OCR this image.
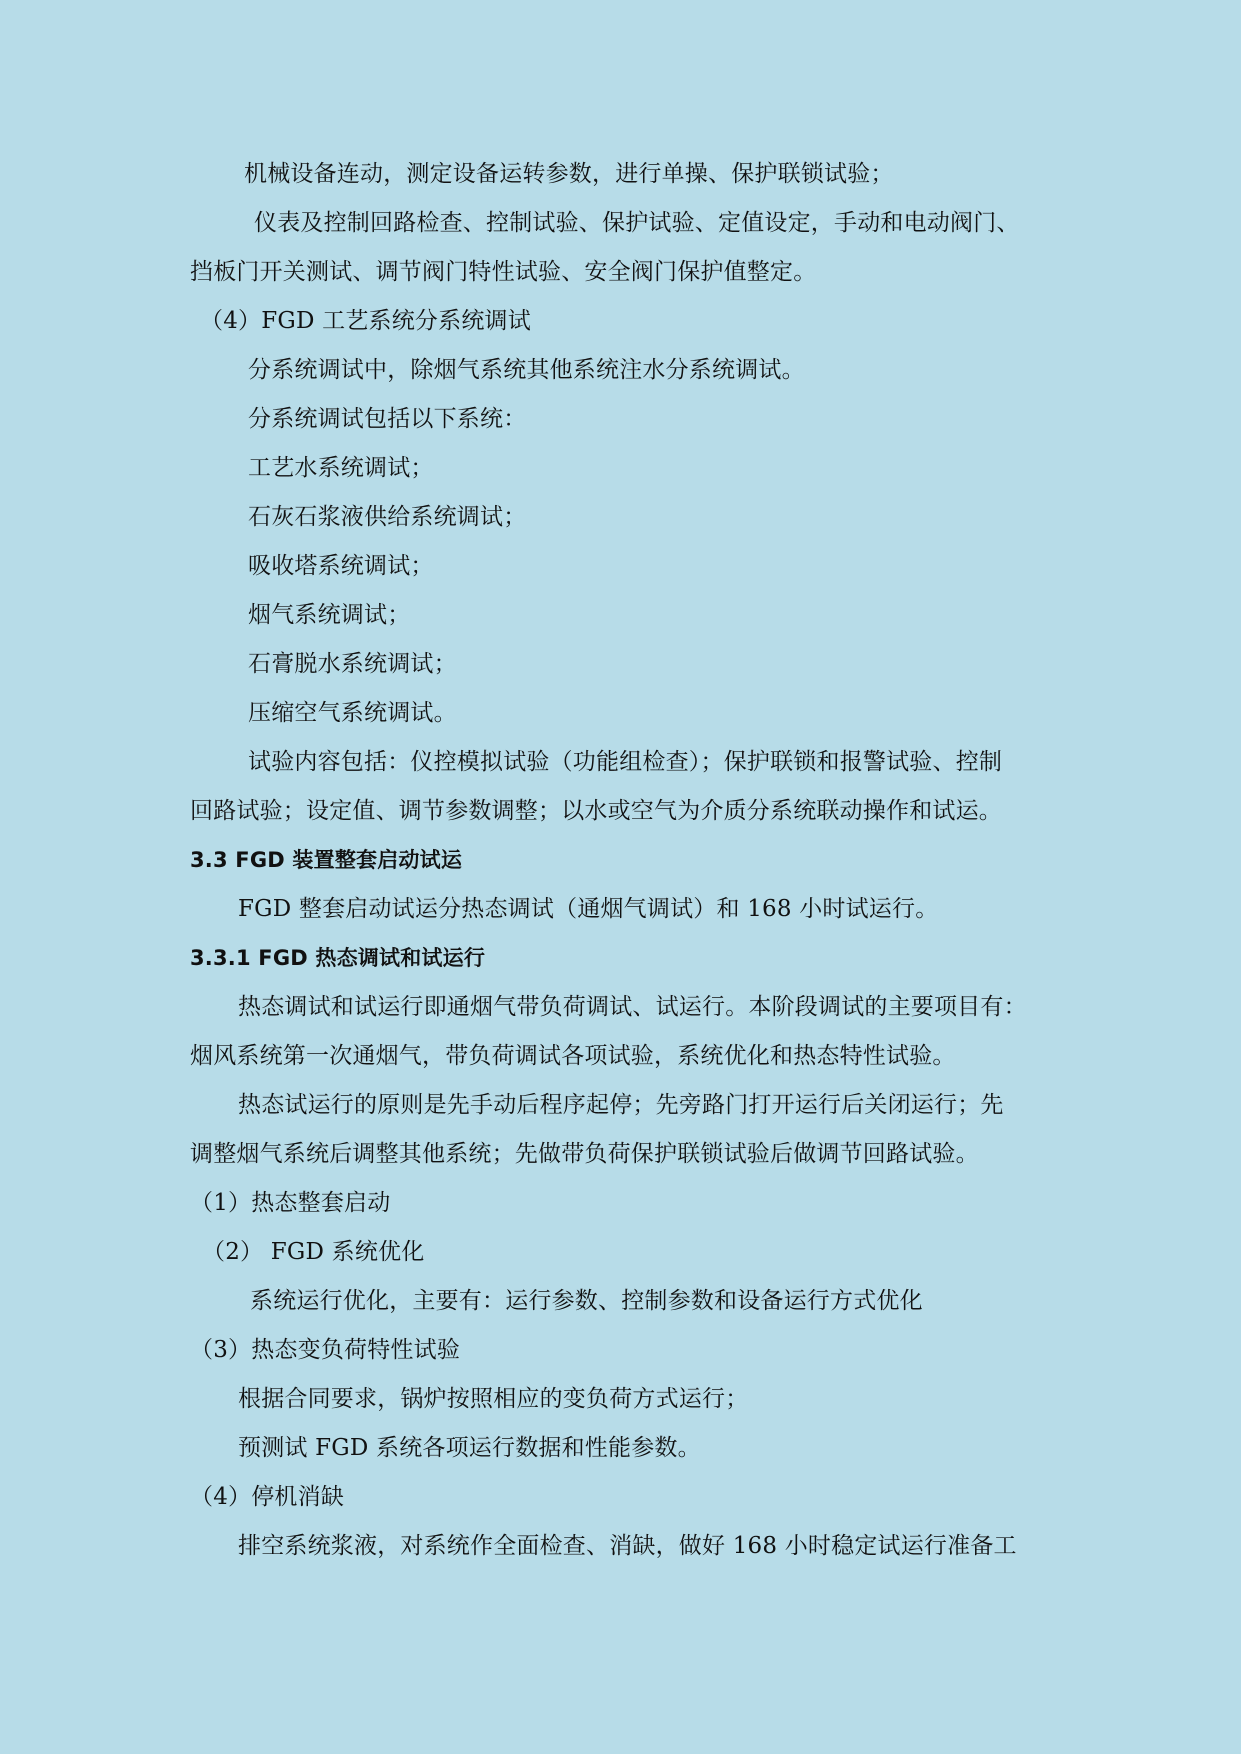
机械设备连动，测定设备运转参数，进行单操、保护联锁试验；
仪表及控制回路检查、控制试验、保护试验、定值设定，手动和电动阀门、
挡板门开关测试、调节阀门特性试验、安全阀门保护值整定。
（4）FGD 工艺系统分系统调试
分系统调试中，除烟气系统其他系统注水分系统调试。
分系统调试包括以下系统：
工艺水系统调试；
石灰石浆液供给系统调试；
吸收塔系统调试；
烟气系统调试；
石膏脱水系统调试；
压缩空气系统调试。
试验内容包括：仪控模拟试验（功能组检查）；保护联锁和报警试验、控制
回路试验；设定值、调节参数调整；以水或空气为介质分系统联动操作和试运。
3.3 FGD 装置整套启动试运
FGD 整套启动试运分热态调试（通烟气调试）和 168 小时试运行。
3.3.1 FGD 热态调试和试运行
热态调试和试运行即通烟气带负荷调试、试运行。本阶段调试的主要项目有：
烟风系统第一次通烟气，带负荷调试各项试验，系统优化和热态特性试验。
热态试运行的原则是先手动后程序起停；先旁路门打开运行后关闭运行；先
调整烟气系统后调整其他系统；先做带负荷保护联锁试验后做调节回路试验。
（1）热态整套启动
（2） FGD 系统优化
系统运行优化，主要有：运行参数、控制参数和设备运行方式优化
（3）热态变负荷特性试验
根据合同要求，锅炉按照相应的变负荷方式运行；
预测试 FGD 系统各项运行数据和性能参数。
（4）停机消缺
排空系统浆液，对系统作全面检查、消缺，做好 168 小时稳定试运行准备工
